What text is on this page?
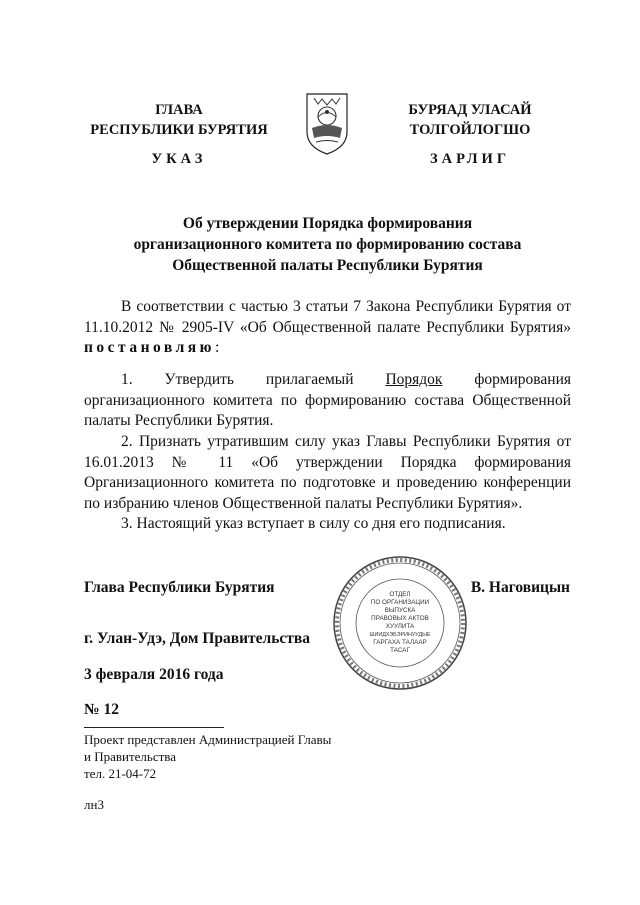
ГЛАВА
РЕСПУБЛИКИ БУРЯТИЯ
УКАЗ
БУРЯАД УЛАСАЙ
ТОЛГОЙЛОГШО
ЗАРЛИГ
Об утверждении Порядка формирования
организационного комитета по формированию состава
Общественной палаты Республики Бурятия
В соответствии с частью 3 статьи 7 Закона Республики Бурятия от 11.10.2012 № 2905-IV «Об Общественной палате Республики Бурятия» постановляю:
1. Утвердить прилагаемый Порядок формирования организационного комитета по формированию состава Общественной палаты Республики Бурятия.
2. Признать утратившим силу указ Главы Республики Бурятия от 16.01.2013 № 11 «Об утверждении Порядка формирования Организационного комитета по подготовке и проведению конференции по избранию членов Общественной палаты Республики Бурятия».
3. Настоящий указ вступает в силу со дня его подписания.
Глава Республики Бурятия	В. Наговицын
ОТДЕЛ
ПО ОРГАНИЗАЦИИ
ВЫПУСКА
ПРАВОВЫХ АКТОВ
ХУУЛИТА
ШИИДХЭБЭРИНУУДЫЕ
ГАРГАХА ТАЛААР
ТАСАГ
г. Улан-Удэ, Дом Правительства
3 февраля 2016 года
№ 12
Проект представлен Администрацией Главы
и Правительства
тел. 21-04-72
лн3
